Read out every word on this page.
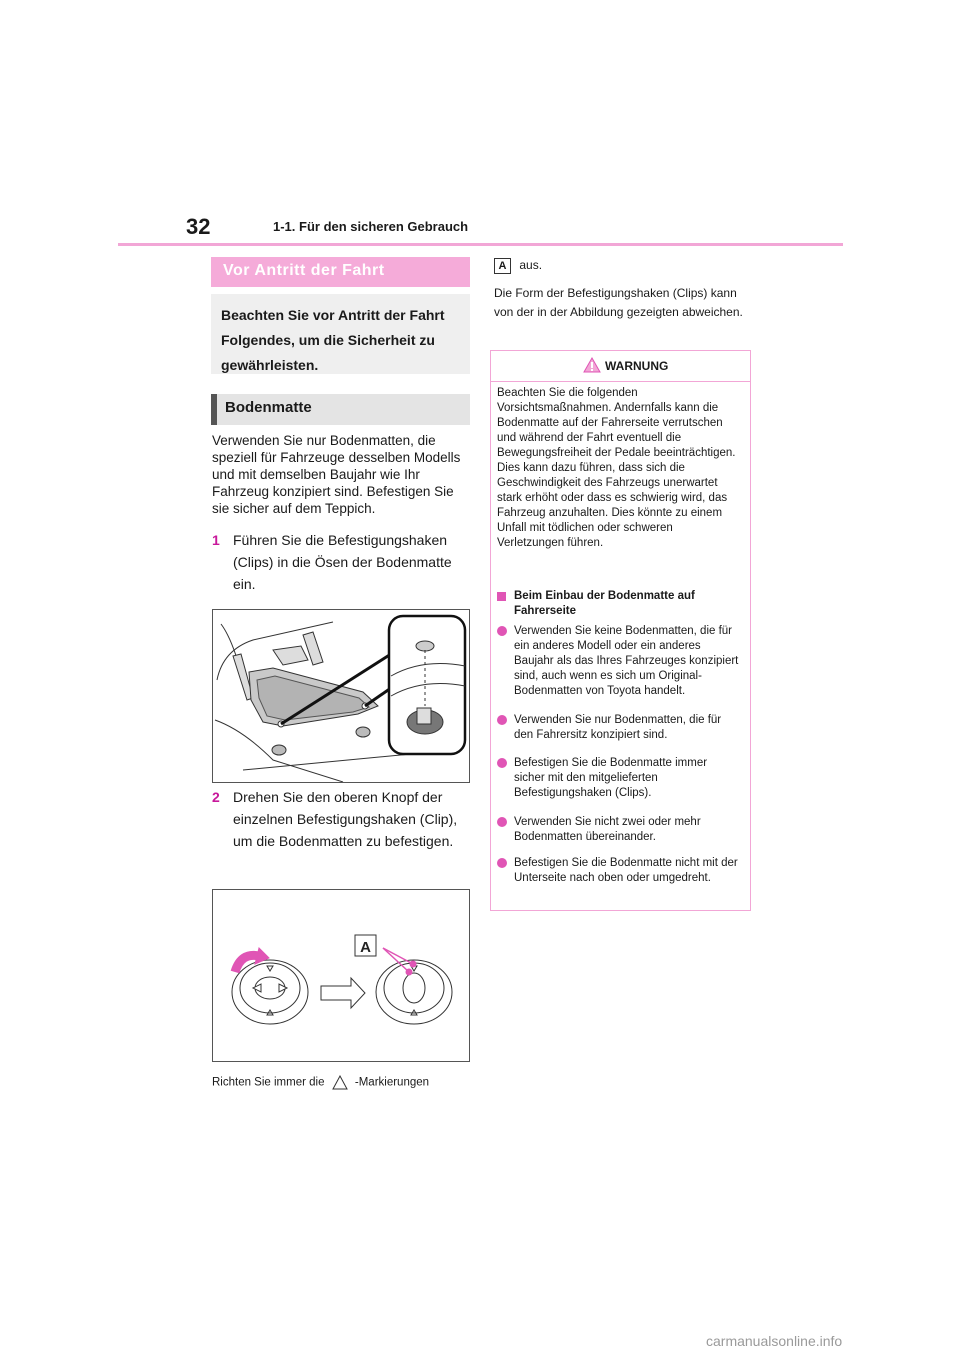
32	1-1. Für den sicheren Gebrauch
Vor Antritt der Fahrt

Beachten Sie vor Antritt der Fahrt Folgendes, um die Sicherheit zu gewährleisten.

Bodenmatte

Verwenden Sie nur Bodenmatten, die speziell für Fahrzeuge desselben Modells und mit demselben Baujahr wie Ihr Fahrzeug konzipiert sind. Befestigen Sie sie sicher auf dem Teppich.

1 Führen Sie die Befestigungshaken (Clips) in die Ösen der Bodenmatte ein.
2 Drehen Sie den oberen Knopf der einzelnen Befestigungshaken (Clip), um die Bodenmatten zu befestigen.
A
Richten Sie immer die	-Markierungen
A aus.

Die Form der Befestigungshaken (Clips) kann von der in der Abbildung gezeigten abweichen.

WARNUNG

Beachten Sie die folgenden Vorsichtsmaßnahmen. Andernfalls kann die Bodenmatte auf der Fahrerseite verrutschen und während der Fahrt eventuell die Bewegungsfreiheit der Pedale beeinträchtigen. Dies kann dazu führen, dass sich die Geschwindigkeit des Fahrzeugs unerwartet stark erhöht oder dass es schwierig wird, das Fahrzeug anzuhalten. Dies könnte zu einem Unfall mit tödlichen oder schweren Verletzungen führen.

Beim Einbau der Bodenmatte auf Fahrerseite
Verwenden Sie keine Bodenmatten, die für ein anderes Modell oder ein anderes Baujahr als das Ihres Fahrzeuges konzipiert sind, auch wenn es sich um Original-Bodenmatten von Toyota handelt.
Verwenden Sie nur Bodenmatten, die für den Fahrersitz konzipiert sind.
Befestigen Sie die Bodenmatte immer sicher mit den mitgelieferten Befestigungshaken (Clips).
Verwenden Sie nicht zwei oder mehr Bodenmatten übereinander.
Befestigen Sie die Bodenmatte nicht mit der Unterseite nach oben oder umgedreht.
carmanualsonline.info
